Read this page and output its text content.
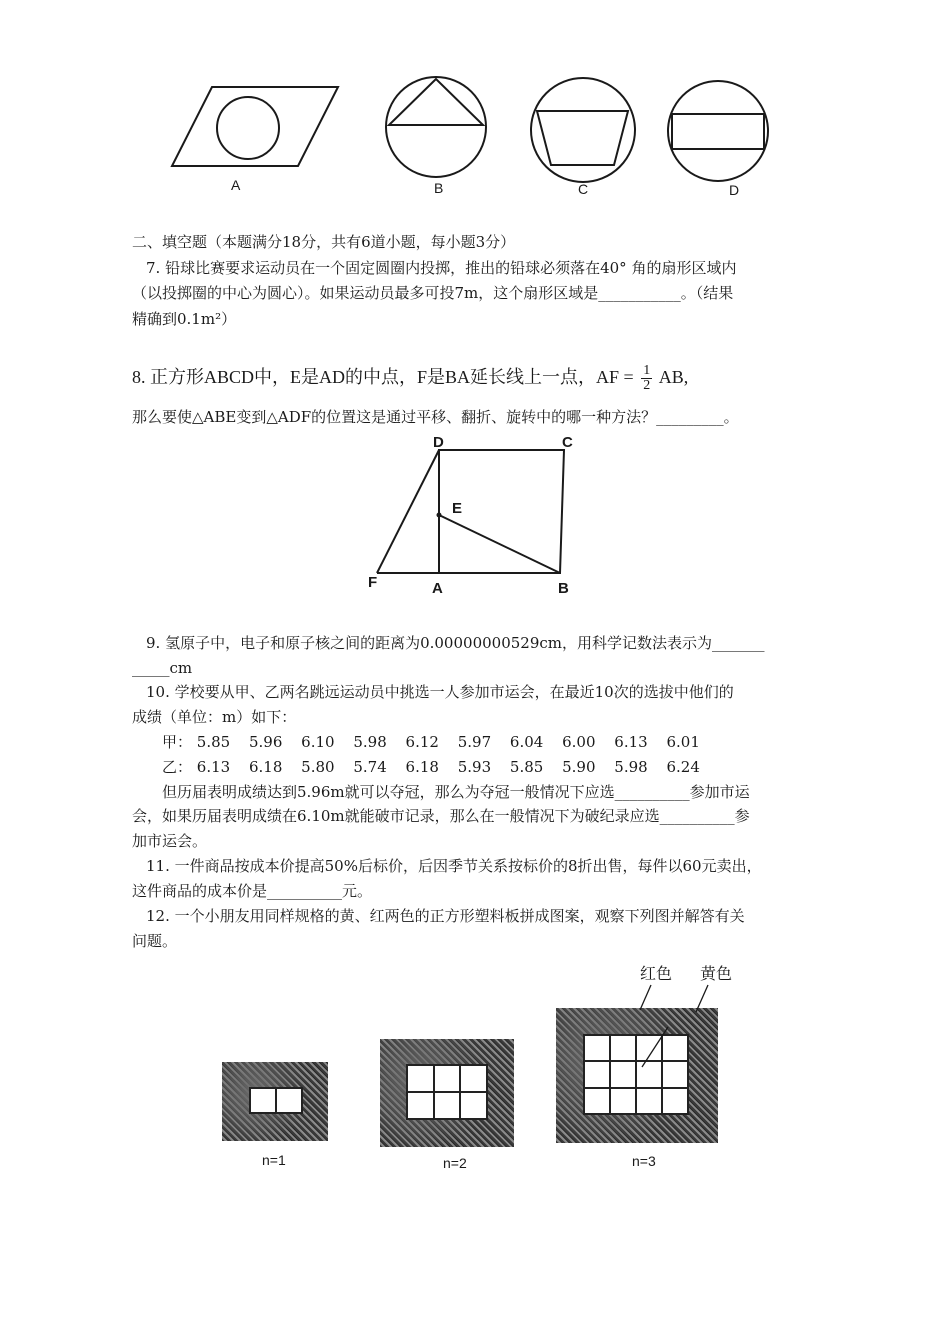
A	B	C	D
二、填空题（本题满分18分，共有6道小题，每小题3分）
7. 铅球比赛要求运动员在一个固定圆圈内投掷，推出的铅球必须落在40° 角的扇形区域内
（以投掷圈的中心为圆心）。如果运动员最多可投7m，这个扇形区域是___________。（结果
精确到0.1m²）
8. 正方形ABCD中，E是AD的中点，F是BA延长线上一点，AF = $\frac{1}{2}$ AB,
那么要使△ABE变到△ADF的位置这是通过平移、翻折、旋转中的哪一种方法？_________。
D	C
E
F	A	B
9. 氢原子中，电子和原子核之间的距离为0.00000000529cm，用科学记数法表示为_______
_____cm
10. 学校要从甲、乙两名跳远运动员中挑选一人参加市运会，在最近10次的选拔中他们的
成绩（单位：m）如下：
甲： 5.85 5.96 6.10 5.98 6.12 5.97 6.04 6.00 6.13 6.01
乙： 6.13 6.18 5.80 5.74 6.18 5.93 5.85 5.90 5.98 6.24
但历届表明成绩达到5.96m就可以夺冠，那么为夺冠一般情况下应选__________参加市运
会，如果历届表明成绩在6.10m就能破市记录，那么在一般情况下为破纪录应选__________参
加市运会。
11. 一件商品按成本价提高50%后标价，后因季节关系按标价的8折出售，每件以60元卖出，
这件商品的成本价是__________元。
12. 一个小朋友用同样规格的黄、红两色的正方形塑料板拼成图案，观察下列图并解答有关
问题。
红色 黄色
n=1	n=2	n=3
